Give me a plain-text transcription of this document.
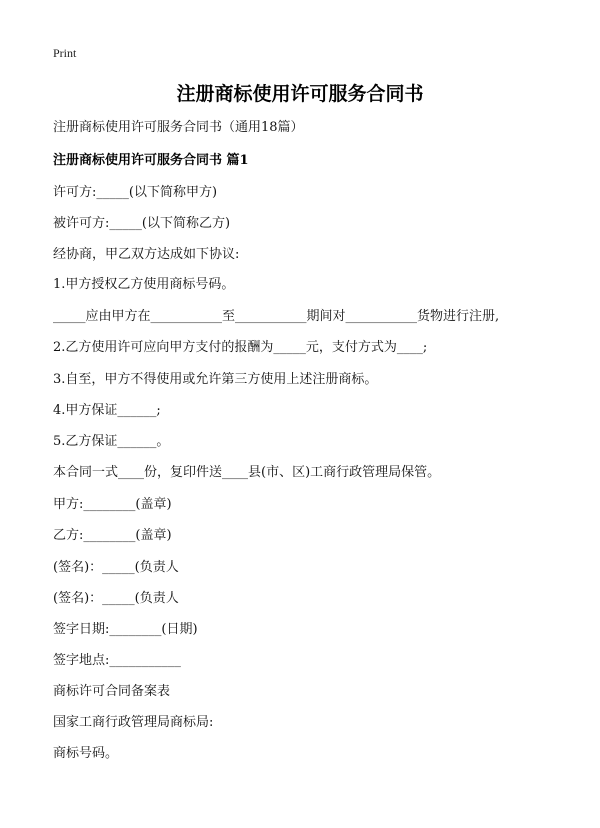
Print
注册商标使用许可服务合同书
注册商标使用许可服务合同书（通用18篇）
注册商标使用许可服务合同书 篇1
许可方:_____(以下简称甲方)
被许可方:_____(以下简称乙方)
经协商，甲乙双方达成如下协议:
1.甲方授权乙方使用商标号码。
_____应由甲方在___________至___________期间对___________货物进行注册,
2.乙方使用许可应向甲方支付的报酬为_____元，支付方式为____;
3.自至，甲方不得使用或允许第三方使用上述注册商标。
4.甲方保证______;
5.乙方保证______。
本合同一式____份，复印件送____县(市、区)工商行政管理局保管。
甲方:________(盖章)
乙方:________(盖章)
(签名)：_____(负责人
(签名)：_____(负责人
签字日期:________(日期)
签字地点:___________
商标许可合同备案表
国家工商行政管理局商标局:
商标号码。
